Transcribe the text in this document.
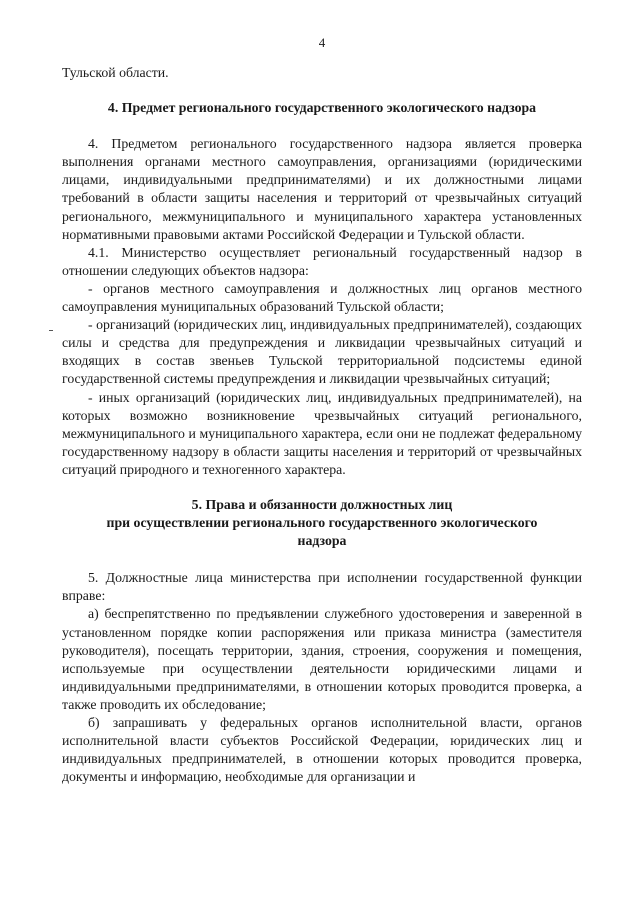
4

Тульской области.

4. Предмет регионального государственного экологического надзора

4. Предметом регионального государственного надзора является проверка выполнения органами местного самоуправления, организациями (юридическими лицами, индивидуальными предпринимателями) и их должностными лицами требований в области защиты населения и территорий от чрезвычайных ситуаций регионального, межмуниципального и муниципального характера установленных нормативными правовыми актами Российской Федерации и Тульской области.

4.1. Министерство осуществляет региональный государственный надзор в отношении следующих объектов надзора:

- органов местного самоуправления и должностных лиц органов местного самоуправления муниципальных образований Тульской области;

- организаций (юридических лиц, индивидуальных предпринимателей), создающих силы и средства для предупреждения и ликвидации чрезвычайных ситуаций и входящих в состав звеньев Тульской территориальной подсистемы единой государственной системы предупреждения и ликвидации чрезвычайных ситуаций;

- иных организаций (юридических лиц, индивидуальных предпринимателей), на которых возможно возникновение чрезвычайных ситуаций регионального, межмуниципального и муниципального характера, если они не подлежат федеральному государственному надзору в области защиты населения и территорий от чрезвычайных ситуаций природного и техногенного характера.

5. Права и обязанности должностных лиц
при осуществлении регионального государственного экологического
надзора

5. Должностные лица министерства при исполнении государственной функции вправе:

а) беспрепятственно по предъявлении служебного удостоверения и заверенной в установленном порядке копии распоряжения или приказа министра (заместителя руководителя), посещать территории, здания, строения, сооружения и помещения, используемые при осуществлении деятельности юридическими лицами и индивидуальными предпринимателями, в отношении которых проводится проверка, а также проводить их обследование;

б) запрашивать у федеральных органов исполнительной власти, органов исполнительной власти субъектов Российской Федерации, юридических лиц и индивидуальных предпринимателей, в отношении которых проводится проверка, документы и информацию, необходимые для организации и
